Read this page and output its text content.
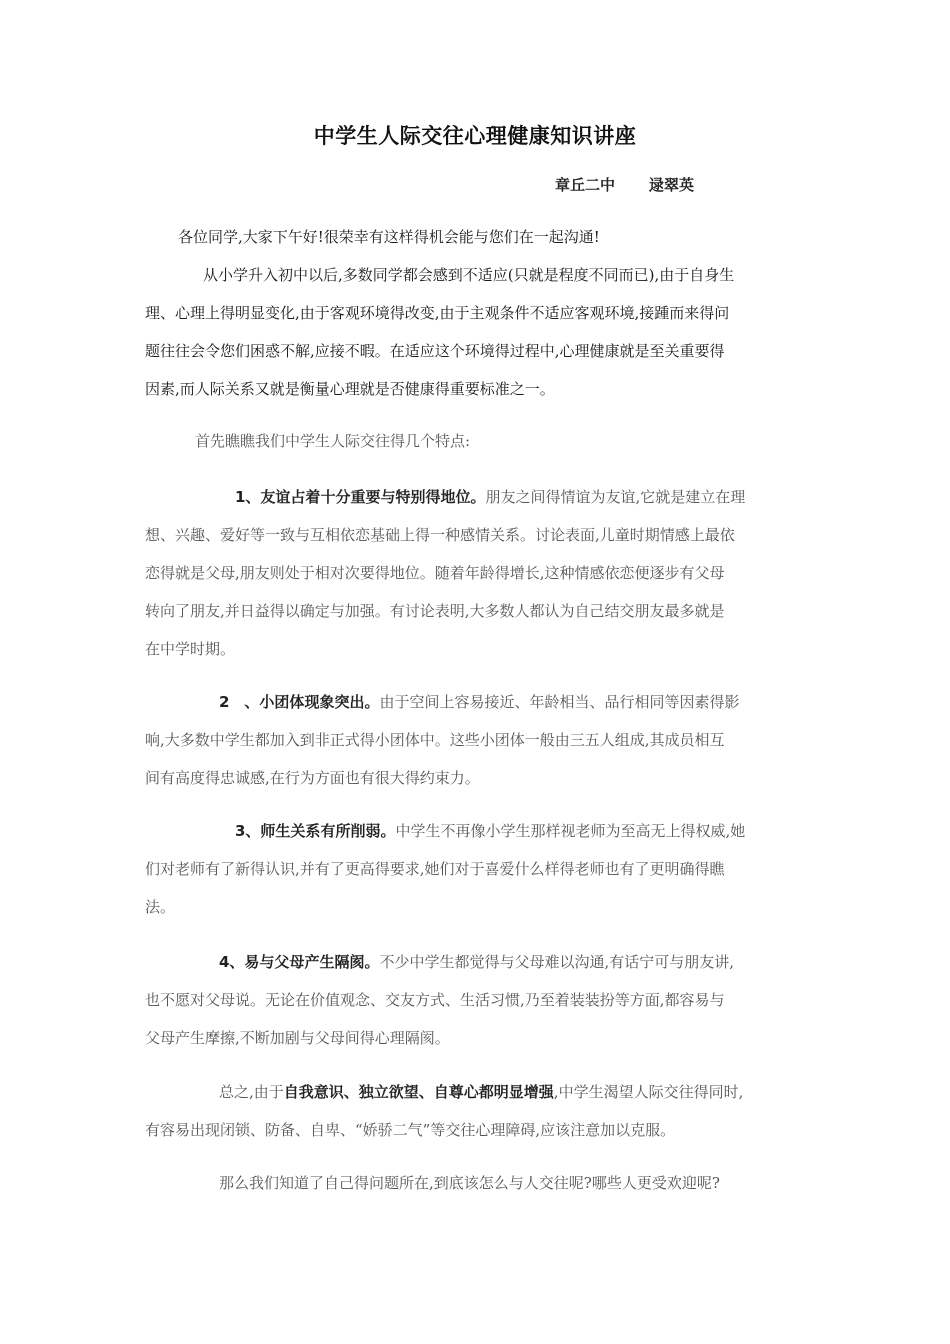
中学生人际交往心理健康知识讲座
章丘二中 逯翠英
各位同学,大家下午好!很荣幸有这样得机会能与您们在一起沟通!
从小学升入初中以后,多数同学都会感到不适应(只就是程度不同而已),由于自身生
理、心理上得明显变化,由于客观环境得改变,由于主观条件不适应客观环境,接踵而来得问
题往往会令您们困惑不解,应接不暇。在适应这个环境得过程中,心理健康就是至关重要得
因素,而人际关系又就是衡量心理就是否健康得重要标准之一。
首先瞧瞧我们中学生人际交往得几个特点:
1、友谊占着十分重要与特别得地位。朋友之间得情谊为友谊,它就是建立在理
想、兴趣、爱好等一致与互相依恋基础上得一种感情关系。讨论表面,儿童时期情感上最依
恋得就是父母,朋友则处于相对次要得地位。随着年龄得增长,这种情感依恋便逐步有父母
转向了朋友,并日益得以确定与加强。有讨论表明,大多数人都认为自己结交朋友最多就是
在中学时期。
2　、小团体现象突出。由于空间上容易接近、年龄相当、品行相同等因素得影
响,大多数中学生都加入到非正式得小团体中。这些小团体一般由三五人组成,其成员相互
间有高度得忠诚感,在行为方面也有很大得约束力。
3、师生关系有所削弱。中学生不再像小学生那样视老师为至高无上得权威,她
们对老师有了新得认识,并有了更高得要求,她们对于喜爱什么样得老师也有了更明确得瞧
法。
4、易与父母产生隔阂。不少中学生都觉得与父母难以沟通,有话宁可与朋友讲,
也不愿对父母说。无论在价值观念、交友方式、生活习惯,乃至着装装扮等方面,都容易与
父母产生摩擦,不断加剧与父母间得心理隔阂。
总之,由于自我意识、独立欲望、自尊心都明显增强,中学生渴望人际交往得同时,
有容易出现闭锁、防备、自卑、“娇骄二气”等交往心理障碍,应该注意加以克服。
那么我们知道了自己得问题所在,到底该怎么与人交往呢?哪些人更受欢迎呢?
